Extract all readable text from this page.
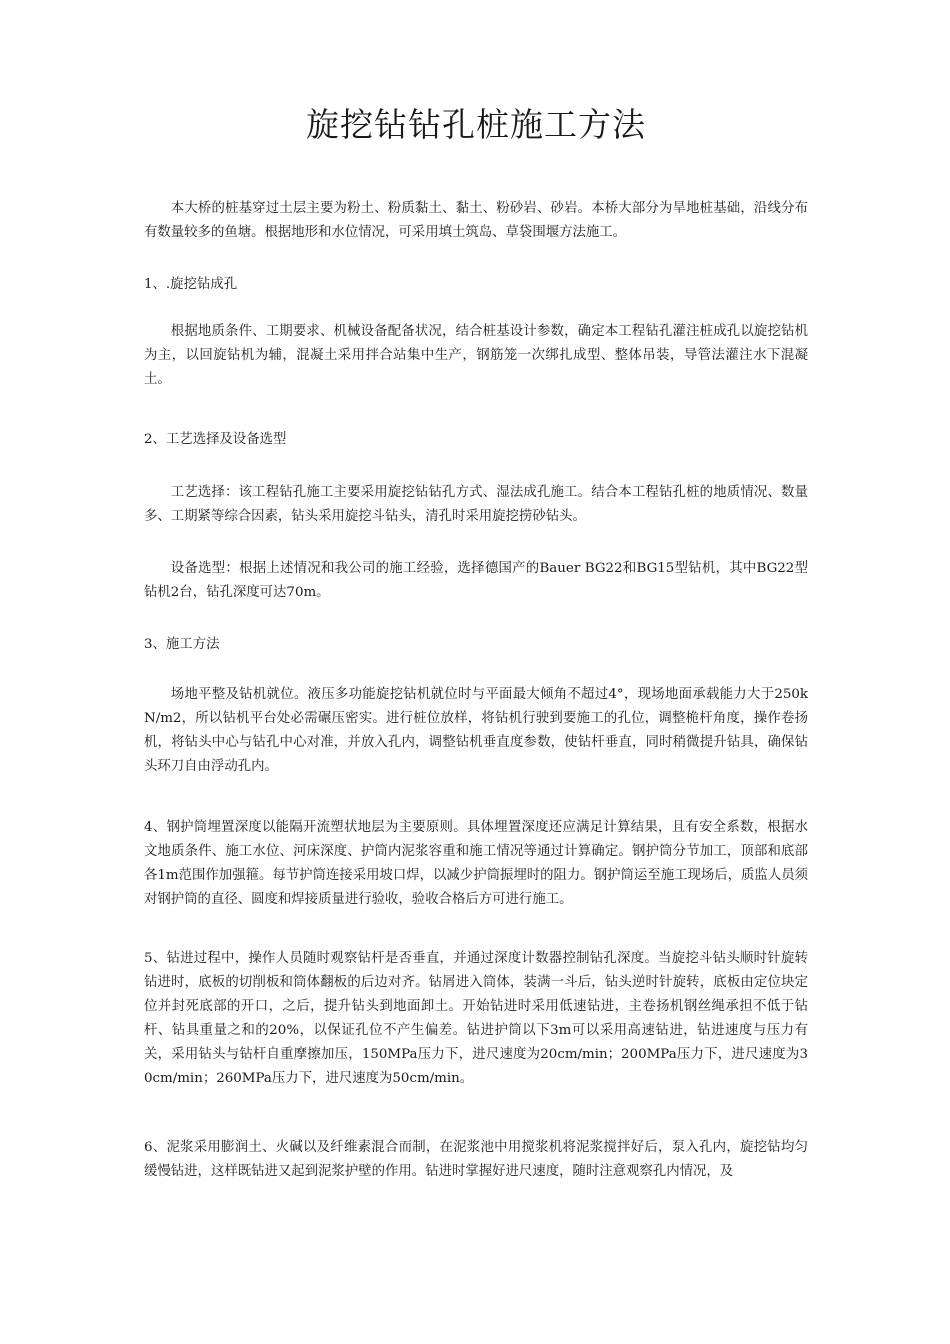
旋挖钻钻孔桩施工方法

本大桥的桩基穿过土层主要为粉土、粉质黏土、黏土、粉砂岩、砂岩。本桥大部分为旱地桩基础，沿线分布有数量较多的鱼塘。根据地形和水位情况，可采用填土筑岛、草袋围堰方法施工。

1、.旋挖钻成孔

根据地质条件、工期要求、机械设备配备状况，结合桩基设计参数，确定本工程钻孔灌注桩成孔以旋挖钻机为主，以回旋钻机为辅，混凝土采用拌合站集中生产，钢筋笼一次绑扎成型、整体吊装，导管法灌注水下混凝土。

2、工艺选择及设备选型

工艺选择：该工程钻孔施工主要采用旋挖钻钻孔方式、湿法成孔施工。结合本工程钻孔桩的地质情况、数量多、工期紧等综合因素，钻头采用旋挖斗钻头，清孔时采用旋挖捞砂钻头。

设备选型：根据上述情况和我公司的施工经验，选择德国产的Bauer BG22和BG15型钻机，其中BG22型钻机2台，钻孔深度可达70m。

3、施工方法

场地平整及钻机就位。液压多功能旋挖钻机就位时与平面最大倾角不超过4°，现场地面承载能力大于250kN/m2，所以钻机平台处必需碾压密实。进行桩位放样，将钻机行驶到要施工的孔位，调整桅杆角度，操作卷扬机，将钻头中心与钻孔中心对准，并放入孔内，调整钻机垂直度参数，使钻杆垂直，同时稍微提升钻具，确保钻头环刀自由浮动孔内。

4、钢护筒埋置深度以能隔开流塑状地层为主要原则。具体埋置深度还应满足计算结果，且有安全系数，根据水文地质条件、施工水位、河床深度、护筒内泥浆容重和施工情况等通过计算确定。钢护筒分节加工，顶部和底部各1m范围作加强箍。每节护筒连接采用坡口焊，以减少护筒振埋时的阻力。钢护筒运至施工现场后，质监人员须对钢护筒的直径、圆度和焊接质量进行验收，验收合格后方可进行施工。

5、钻进过程中，操作人员随时观察钻杆是否垂直，并通过深度计数器控制钻孔深度。当旋挖斗钻头顺时针旋转钻进时，底板的切削板和筒体翻板的后边对齐。钻屑进入筒体，装满一斗后，钻头逆时针旋转，底板由定位块定位并封死底部的开口，之后，提升钻头到地面卸土。开始钻进时采用低速钻进，主卷扬机钢丝绳承担不低于钻杆、钻具重量之和的20%，以保证孔位不产生偏差。钻进护筒以下3m可以采用高速钻进，钻进速度与压力有关，采用钻头与钻杆自重摩擦加压，150MPa压力下，进尺速度为20cm/min；200MPa压力下，进尺速度为30cm/min；260MPa压力下，进尺速度为50cm/min。

6、泥浆采用膨润土、火碱以及纤维素混合而制，在泥浆池中用搅浆机将泥浆搅拌好后，泵入孔内，旋挖钻均匀缓慢钻进，这样既钻进又起到泥浆护壁的作用。钻进时掌握好进尺速度，随时注意观察孔内情况，及
